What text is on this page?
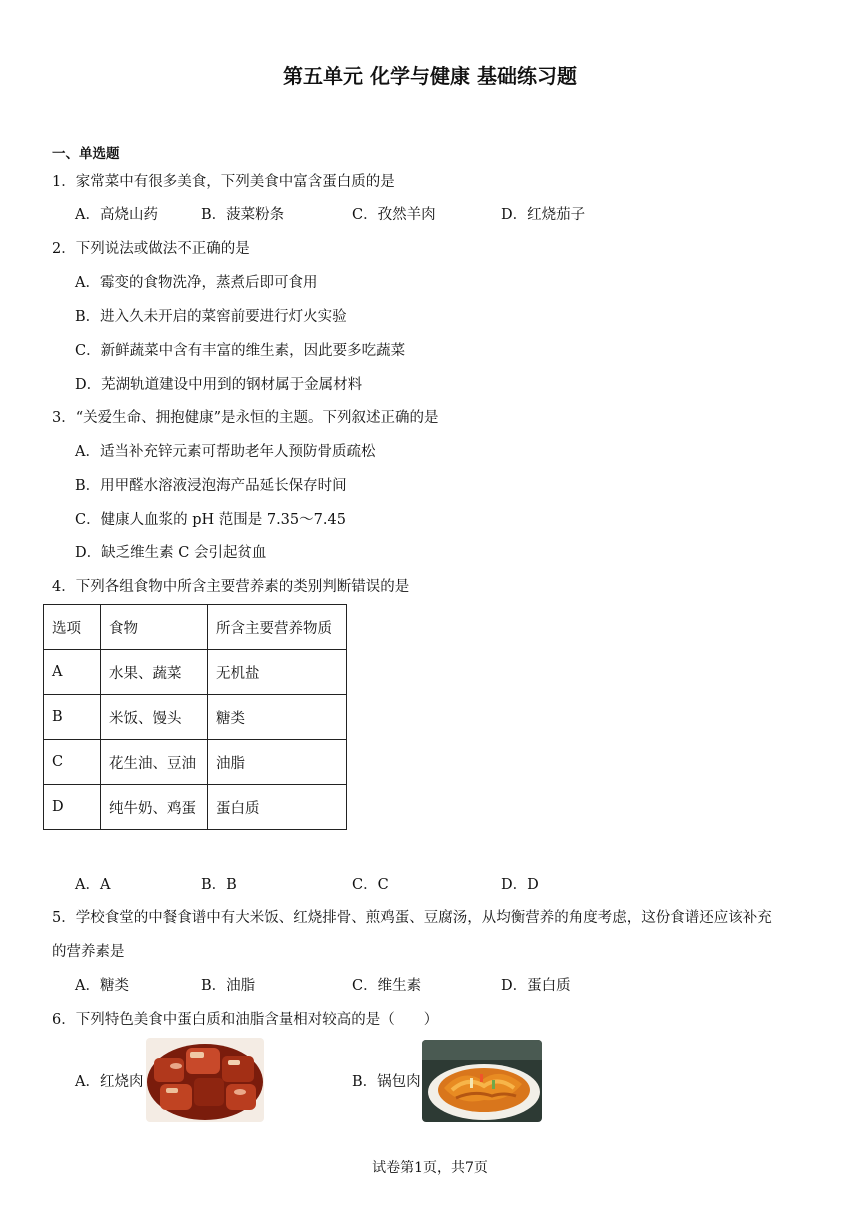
第五单元 化学与健康 基础练习题
一、单选题
1．家常菜中有很多美食，下列美食中富含蛋白质的是
A．高烧山药	B．菠菜粉条	C．孜然羊肉	D．红烧茄子
2．下列说法或做法不正确的是
A．霉变的食物洗净，蒸煮后即可食用
B．进入久未开启的菜窖前要进行灯火实验
C．新鲜蔬菜中含有丰富的维生素，因此要多吃蔬菜
D．芜湖轨道建设中用到的钢材属于金属材料
3．“关爱生命、拥抱健康”是永恒的主题。下列叙述正确的是
A．适当补充锌元素可帮助老年人预防骨质疏松
B．用甲醛水溶液浸泡海产品延长保存时间
C．健康人血浆的 pH 范围是 7.35～7.45
D．缺乏维生素 C 会引起贫血
4．下列各组食物中所含主要营养素的类别判断错误的是
选项	食物	所含主要营养物质
A	水果、蔬菜	无机盐
B	米饭、馒头	糖类
C	花生油、豆油	油脂
D	纯牛奶、鸡蛋	蛋白质
A．A	B．B	C．C	D．D
5．学校食堂的中餐食谱中有大米饭、红烧排骨、煎鸡蛋、豆腐汤，从均衡营养的角度考虑，这份食谱还应该补充
的营养素是
A．糖类	B．油脂	C．维生素	D．蛋白质
6．下列特色美食中蛋白质和油脂含量相对较高的是（　　）
A．红烧肉	B．锅包肉
试卷第1页，共7页
